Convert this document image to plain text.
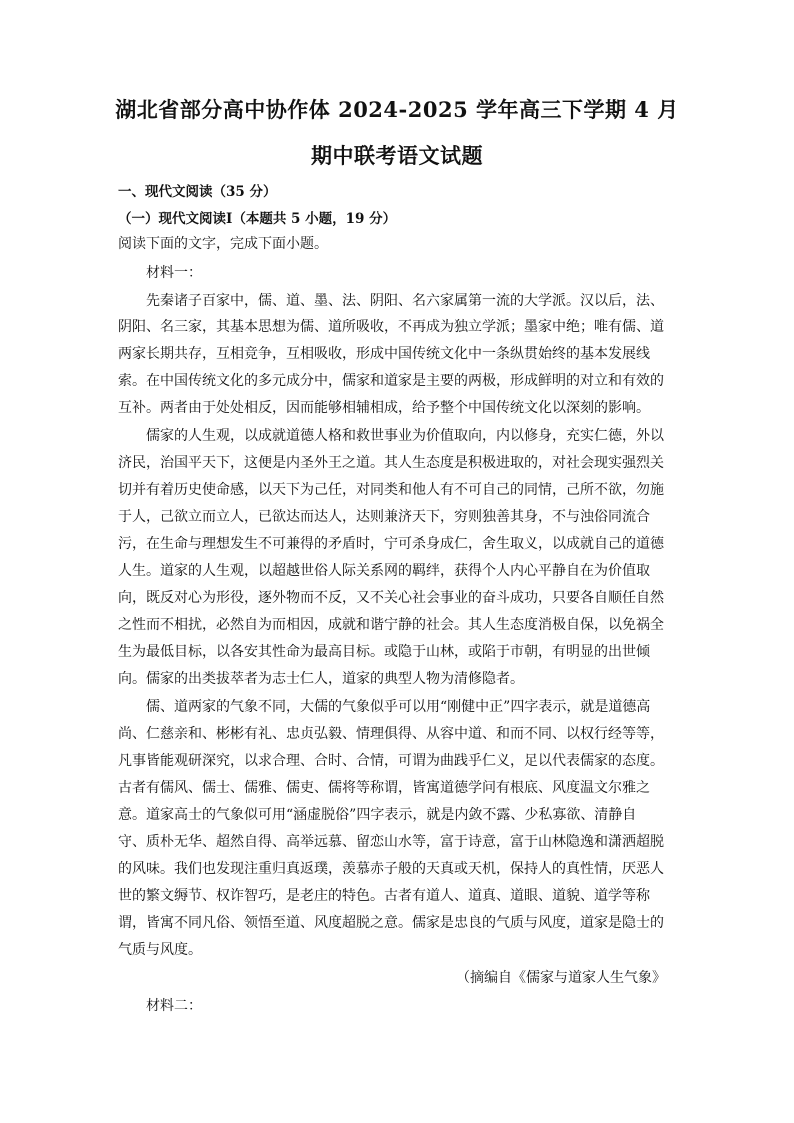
湖北省部分高中协作体 2024-2025 学年高三下学期 4 月
期中联考语文试题
一、现代文阅读（35 分）
（一）现代文阅读Ⅰ（本题共 5 小题，19 分）
阅读下面的文字，完成下面小题。
材料一：
先秦诸子百家中，儒、道、墨、法、阴阳、名六家属第一流的大学派。汉以后，法、
阴阳、名三家，其基本思想为儒、道所吸收，不再成为独立学派；墨家中绝；唯有儒、道
两家长期共存，互相竞争，互相吸收，形成中国传统文化中一条纵贯始终的基本发展线
索。在中国传统文化的多元成分中，儒家和道家是主要的两极，形成鲜明的对立和有效的
互补。两者由于处处相反，因而能够相辅相成，给予整个中国传统文化以深刻的影响。
儒家的人生观，以成就道德人格和救世事业为价值取向，内以修身，充实仁德，外以
济民，治国平天下，这便是内圣外王之道。其人生态度是积极进取的，对社会现实强烈关
切并有着历史使命感，以天下为己任，对同类和他人有不可自己的同情，己所不欲，勿施
于人，己欲立而立人，已欲达而达人，达则兼济天下，穷则独善其身，不与浊俗同流合
污，在生命与理想发生不可兼得的矛盾时，宁可杀身成仁，舍生取义，以成就自己的道德
人生。道家的人生观，以超越世俗人际关系网的羁绊，获得个人内心平静自在为价值取
向，既反对心为形役，逐外物而不反，又不关心社会事业的奋斗成功，只要各自顺任自然
之性而不相扰，必然自为而相因，成就和谐宁静的社会。其人生态度消极自保，以免祸全
生为最低目标，以各安其性命为最高目标。或隐于山林，或陷于市朝，有明显的出世倾
向。儒家的出类拔萃者为志士仁人，道家的典型人物为清修隐者。
儒、道两家的气象不同，大儒的气象似乎可以用“刚健中正”四字表示，就是道德高
尚、仁慈亲和、彬彬有礼、忠贞弘毅、情理俱得、从容中道、和而不同、以权行经等等，
凡事皆能观研深究，以求合理、合时、合情，可谓为曲践乎仁义，足以代表儒家的态度。
古者有儒风、儒士、儒雅、儒吏、儒将等称谓，皆寓道德学问有根底、风度温文尔雅之
意。道家高士的气象似可用“涵虚脱俗”四字表示，就是内敛不露、少私寡欲、清静自
守、质朴无华、超然自得、高举远慕、留恋山水等，富于诗意，富于山林隐逸和潇洒超脱
的风味。我们也发现注重归真返璞，羡慕赤子般的天真或天机，保持人的真性情，厌恶人
世的繁文缛节、权诈智巧，是老庄的特色。古者有道人、道真、道眼、道貌、道学等称
谓，皆寓不同凡俗、领悟至道、风度超脱之意。儒家是忠良的气质与风度，道家是隐士的
气质与风度。
（摘编自《儒家与道家人生气象》
材料二：
